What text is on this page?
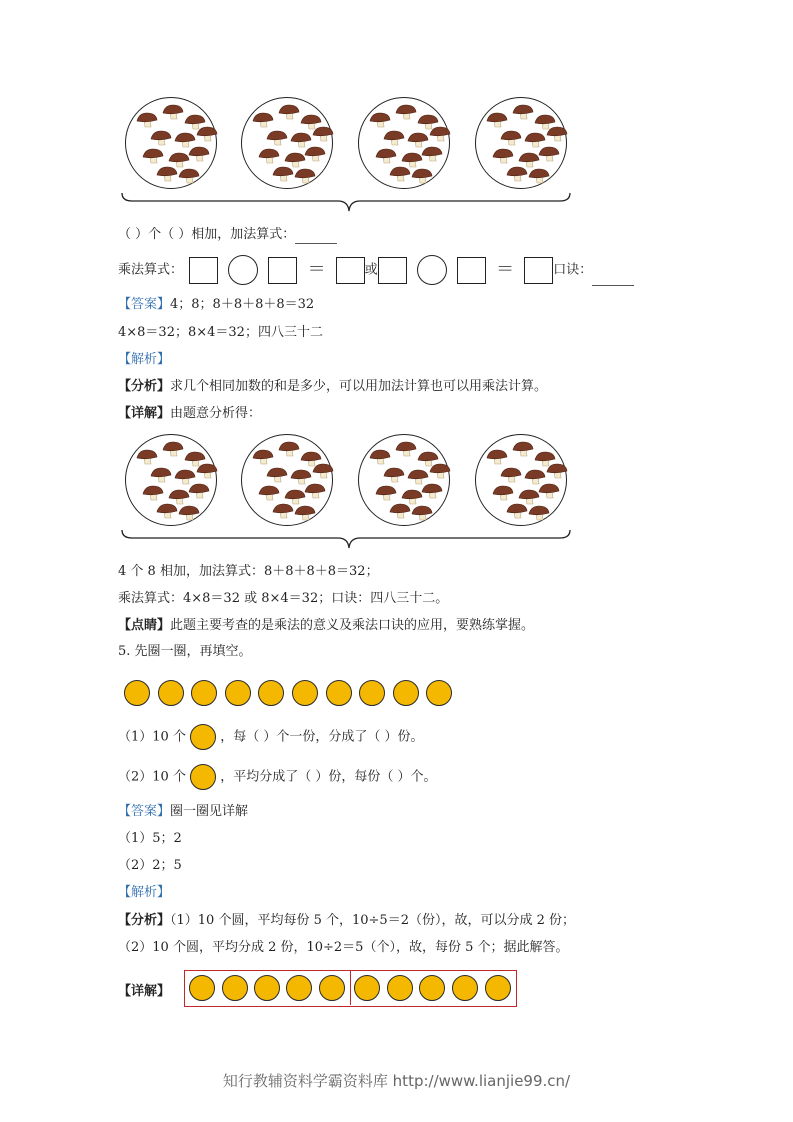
（ ）个（ ）相加，加法算式：
乘法算式：	＝	或	＝	口诀：
【答案】4；8；8＋8＋8＋8＝32
4×8＝32；8×4＝32；四八三十二
【解析】
【分析】求几个相同加数的和是多少，可以用加法计算也可以用乘法计算。
【详解】由题意分析得：
4 个 8 相加，加法算式：8＋8＋8＋8＝32；
乘法算式：4×8＝32 或 8×4＝32；口诀：四八三十二。
【点睛】此题主要考查的是乘法的意义及乘法口诀的应用，要熟练掌握。
5. 先圈一圈，再填空。
（1）10 个	，每（ ）个一份，分成了（ ）份。
（2）10 个	，平均分成了（ ）份，每份（ ）个。
【答案】圈一圈见详解
（1）5；2
（2）2；5
【解析】
【分析】（1）10 个圆，平均每份 5 个，10÷5＝2（份），故，可以分成 2 份；
（2）10 个圆，平均分成 2 份，10÷2＝5（个），故，每份 5 个；据此解答。
【详解】
知行教辅资料学霸资料库 http://www.lianjie99.cn/
